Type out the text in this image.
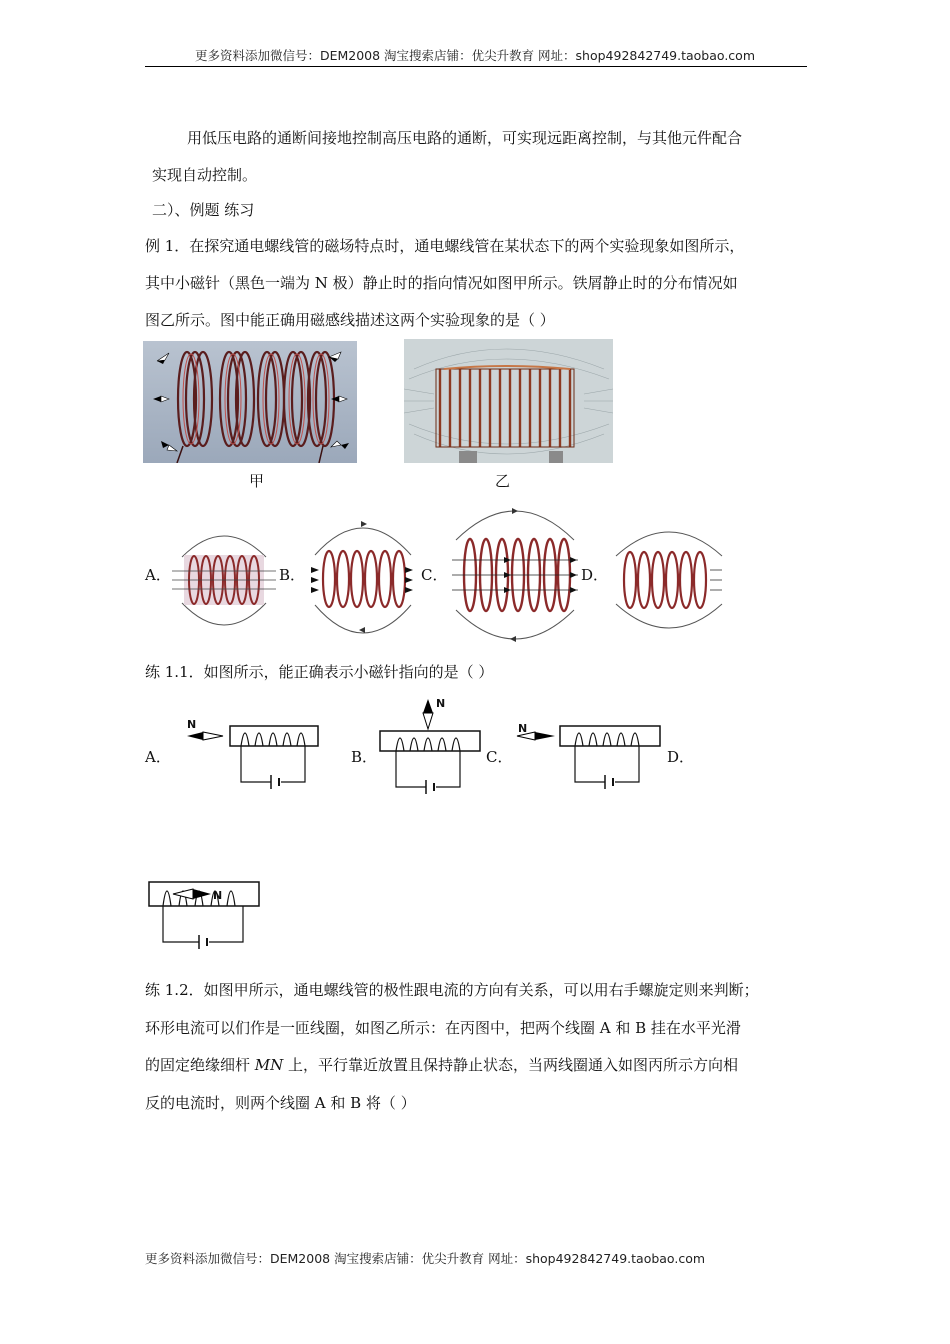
更多资料添加微信号：DEM2008 淘宝搜索店铺：优尖升教育 网址：shop492842749.taobao.com
用低压电路的通断间接地控制高压电路的通断，可实现远距离控制，与其他元件配合
实现自动控制。
二）、例题 练习
例 1．在探究通电螺线管的磁场特点时，通电螺线管在某状态下的两个实验现象如图所示，
其中小磁针（黑色一端为 N 极）静止时的指向情况如图甲所示。铁屑静止时的分布情况如
图乙所示。图中能正确用磁感线描述这两个实验现象的是（ ）
甲	乙
A．	B．	C．	D．
练 1.1．如图所示，能正确表示小磁针指向的是（ ）
A．	B．	C．	D．
N
N
N
N
练 1.2．如图甲所示，通电螺线管的极性跟电流的方向有关系，可以用右手螺旋定则来判断；
环形电流可以们作是一匝线圈，如图乙所示：在丙图中，把两个线圈 A 和 B 挂在水平光滑
的固定绝缘细杆 MN 上，平行靠近放置且保持静止状态，当两线圈通入如图丙所示方向相
反的电流时，则两个线圈 A 和 B 将（ ）
更多资料添加微信号：DEM2008 淘宝搜索店铺：优尖升教育 网址：shop492842749.taobao.com
